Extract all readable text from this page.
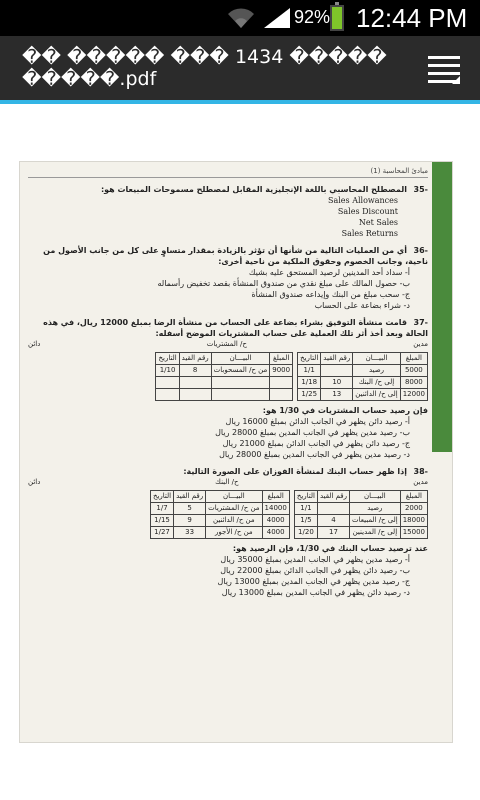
92% 12:44 PM
�� ����� ��� 1434 ����� �����.pdf
مبادئ المحاسبة (1)
-35 المصطلح المحاسبي باللغة الإنجليزية المقابل لمصطلح مسموحات المبيعات هو:
Sales Allowances
Sales Discount
Net Sales
Sales Returns
-36 أي من العمليات التالية من شأنها أن تؤثر بالزيادة بمقدار متساوٍ على كل من جانب الأصول من ناحية، وجانب الخصوم وحقوق الملكية من ناحية أخرى:
أ- سداد أحد المدينين لرصيد المستحق عليه بشيك
ب- حصول المالك على مبلغ نقدي من صندوق المنشأة بقصد تخفيض رأسماله
ج- سحب مبلغ من البنك وإيداعه صندوق المنشأة
د- شراء بضاعة على الحساب
-37 قامت منشأة التوفيق بشراء بضاعة على الحساب من منشأة الرضا بمبلغ 12000 ريال، في هذه الحالة وبعد أخذ أثر تلك العملية على حساب المشتريات الموضح أسفله:
مدين
ح/ المشتريات
دائن
المبلغ	البيـــان	رقم القيد	التاريخ
5000	رصيد		1/1
8000	إلى ح/ البنك	10	1/18
12000	إلى ح/ الدائنين	13	1/25
المبلغ	البيـــان	رقم القيد	التاريخ
9000	من ح/ المسحوبات	8	1/10

فإن رصيد حساب المشتريات في 1/30 هو:
أ- رصيد دائن يظهر في الجانب الدائن بمبلغ 16000 ريال
ب- رصيد مدين يظهر في الجانب المدين بمبلغ 28000 ريال
ج- رصيد دائن يظهر في الجانب الدائن بمبلغ 21000 ريال
د- رصيد مدين يظهر في الجانب المدين بمبلغ 28000 ريال
-38 إذا ظهر حساب البنك لمنشأة الفوزان على الصورة التالية:
مدين
ح/ البنك
دائن
المبلغ	البيـــان	رقم القيد	التاريخ
2000	رصيد		1/1
18000	إلى ح/ المبيعات	4	1/5
15000	إلى ح/ المدينين	17	1/20
المبلغ	البيـــان	رقم القيد	التاريخ
14000	من ح/ المشتريات	5	1/7
4000	من ح/ الدائنين	9	1/15
4000	من ح/ الأجور	33	1/27
عند ترصيد حساب البنك في 1/30، فإن الرصيد هو:
أ- رصيد مدين يظهر في الجانب المدين بمبلغ 35000 ريال
ب- رصيد دائن يظهر في الجانب الدائن بمبلغ 22000 ريال
ج- رصيد مدين يظهر في الجانب المدين بمبلغ 13000 ريال
د- رصيد دائن يظهر في الجانب المدين بمبلغ 13000 ريال
